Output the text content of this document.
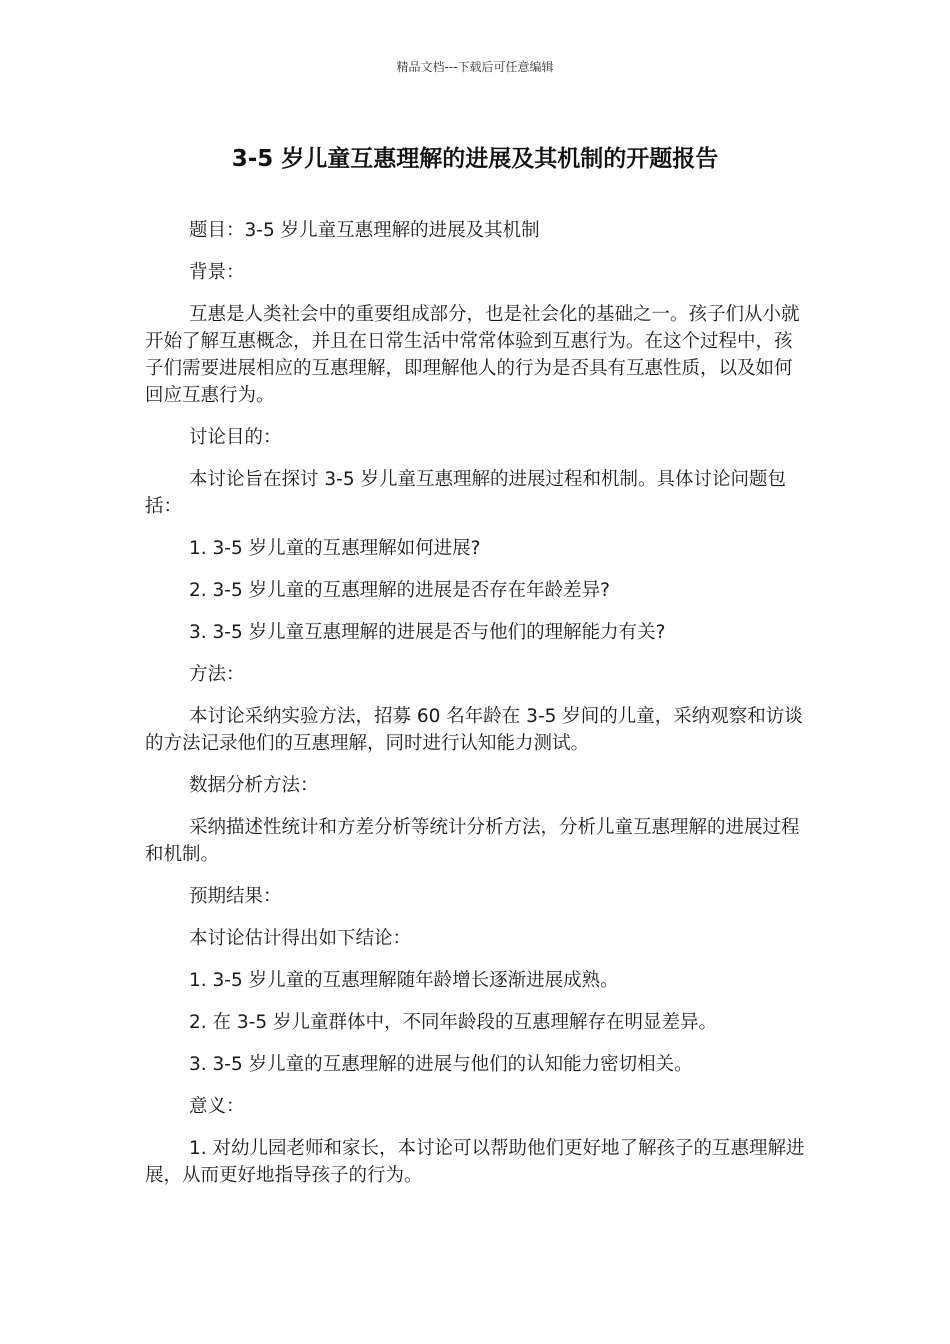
精品文档---下载后可任意编辑
3-5 岁儿童互惠理解的进展及其机制的开题报告

题目：3-5 岁儿童互惠理解的进展及其机制

背景：

互惠是人类社会中的重要组成部分，也是社会化的基础之一。孩子们从小就开始了解互惠概念，并且在日常生活中常常体验到互惠行为。在这个过程中，孩子们需要进展相应的互惠理解，即理解他人的行为是否具有互惠性质，以及如何回应互惠行为。

讨论目的：

本讨论旨在探讨 3-5 岁儿童互惠理解的进展过程和机制。具体讨论问题包括：

1. 3-5 岁儿童的互惠理解如何进展?

2. 3-5 岁儿童的互惠理解的进展是否存在年龄差异?

3. 3-5 岁儿童互惠理解的进展是否与他们的理解能力有关?

方法：

本讨论采纳实验方法，招募 60 名年龄在 3-5 岁间的儿童，采纳观察和访谈的方法记录他们的互惠理解，同时进行认知能力测试。

数据分析方法：

采纳描述性统计和方差分析等统计分析方法，分析儿童互惠理解的进展过程和机制。

预期结果：

本讨论估计得出如下结论：

1. 3-5 岁儿童的互惠理解随年龄增长逐渐进展成熟。

2. 在 3-5 岁儿童群体中，不同年龄段的互惠理解存在明显差异。

3. 3-5 岁儿童的互惠理解的进展与他们的认知能力密切相关。

意义：

1. 对幼儿园老师和家长，本讨论可以帮助他们更好地了解孩子的互惠理解进展，从而更好地指导孩子的行为。
